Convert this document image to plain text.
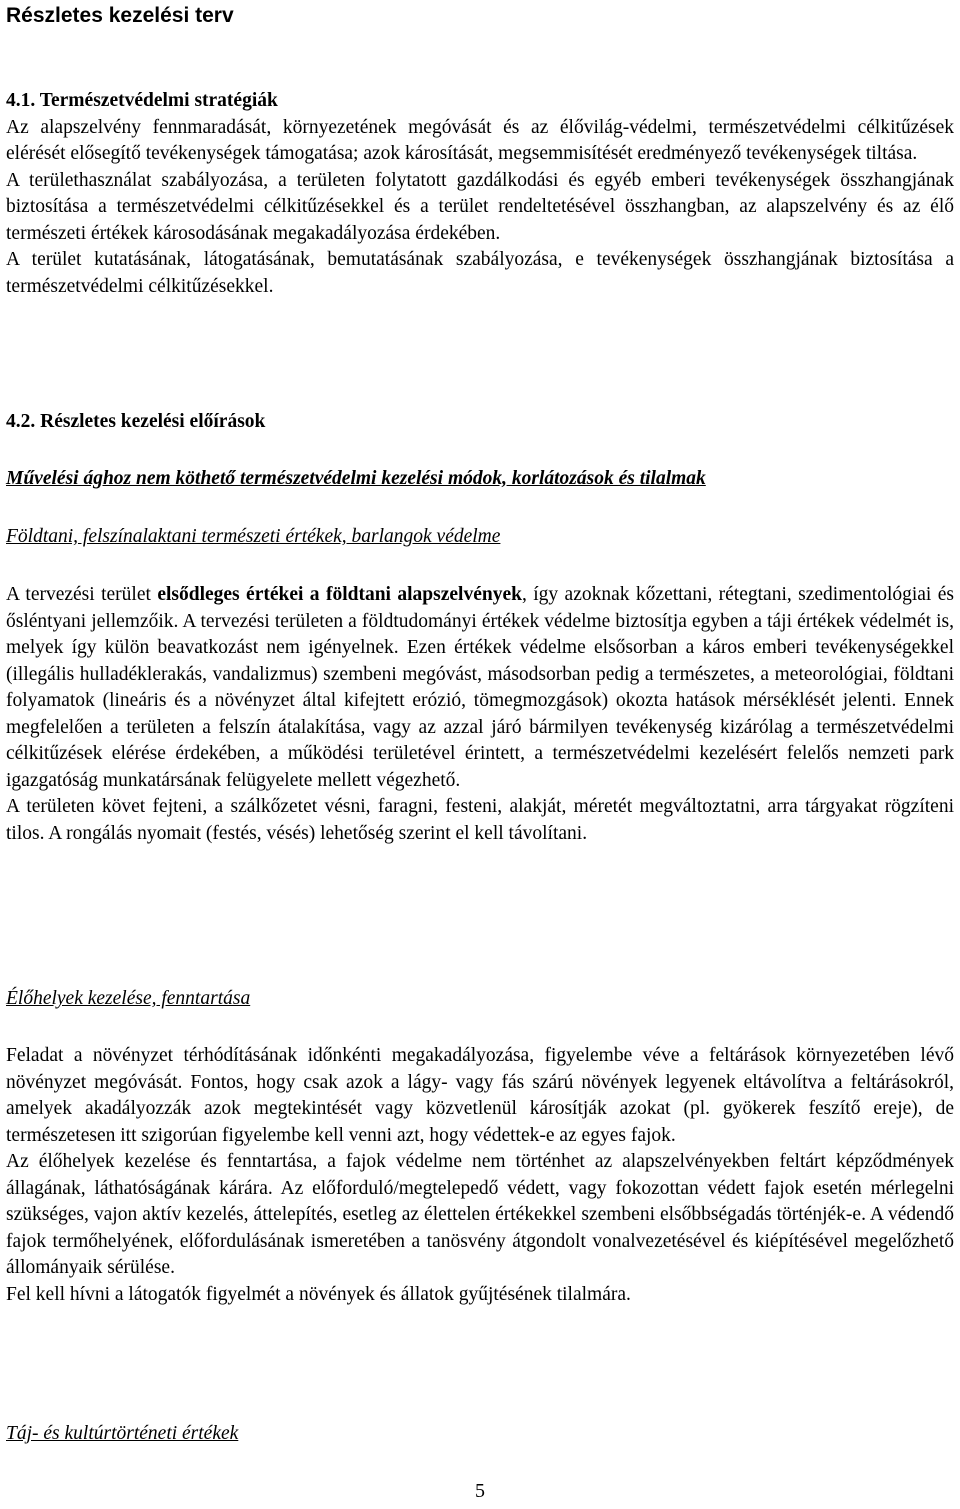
Részletes kezelési terv

4.1. Természetvédelmi stratégiák

Az alapszelvény fennmaradását, környezetének megóvását és az élővilág-védelmi, természetvédelmi célkitűzések elérését elősegítő tevékenységek támogatása; azok károsítását, megsemmisítését eredményező tevékenységek tiltása.

A területhasználat szabályozása, a területen folytatott gazdálkodási és egyéb emberi tevékenységek összhangjának biztosítása a természetvédelmi célkitűzésekkel és a terület rendeltetésével összhangban, az alapszelvény és az élő természeti értékek károsodásának megakadályozása érdekében.

A terület kutatásának, látogatásának, bemutatásának szabályozása, e tevékenységek összhangjának biztosítása a természetvédelmi célkitűzésekkel.

4.2. Részletes kezelési előírások

Művelési ághoz nem köthető természetvédelmi kezelési módok, korlátozások és tilalmak

Földtani, felszínalaktani természeti értékek, barlangok védelme

A tervezési terület elsődleges értékei a földtani alapszelvények, így azoknak kőzettani, rétegtani, szedimentológiai és ősléntyani jellemzőik. A tervezési területen a földtudományi értékek védelme biztosítja egyben a táji értékek védelmét is, melyek így külön beavatkozást nem igényelnek. Ezen értékek védelme elsősorban a káros emberi tevékenységekkel (illegális hulladéklerakás, vandalizmus) szembeni megóvást, másodsorban pedig a természetes, a meteorológiai, földtani folyamatok (lineáris és a növényzet által kifejtett erózió, tömegmozgások) okozta hatások mérséklését jelenti. Ennek megfelelően a területen a felszín átalakítása, vagy az azzal járó bármilyen tevékenység kizárólag a természetvédelmi célkitűzések elérése érdekében, a működési területével érintett, a természetvédelmi kezelésért felelős nemzeti park igazgatóság munkatársának felügyelete mellett végezhető.

A területen követ fejteni, a szálkőzetet vésni, faragni, festeni, alakját, méretét megváltoztatni, arra tárgyakat rögzíteni tilos. A rongálás nyomait (festés, vésés) lehetőség szerint el kell távolítani.

Élőhelyek kezelése, fenntartása

Feladat a növényzet térhódításának időnkénti megakadályozása, figyelembe véve a feltárások környezetében lévő növényzet megóvását. Fontos, hogy csak azok a lágy- vagy fás szárú növények legyenek eltávolítva a feltárásokról, amelyek akadályozzák azok megtekintését vagy közvetlenül károsítják azokat (pl. gyökerek feszítő ereje), de természetesen itt szigorúan figyelembe kell venni azt, hogy védettek-e az egyes fajok.

Az élőhelyek kezelése és fenntartása, a fajok védelme nem történhet az alapszelvényekben feltárt képződmények állagának, láthatóságának kárára. Az előforduló/megtelepedő védett, vagy fokozottan védett fajok esetén mérlegelni szükséges, vajon aktív kezelés, áttelepítés, esetleg az élettelen értékekkel szembeni elsőbbségadás történjék-e. A védendő fajok termőhelyének, előfordulásának ismeretében a tanösvény átgondolt vonalvezetésével és kiépítésével megelőzhető állományaik sérülése.

Fel kell hívni a látogatók figyelmét a növények és állatok gyűjtésének tilalmára.

Táj- és kultúrtörténeti értékek

5
